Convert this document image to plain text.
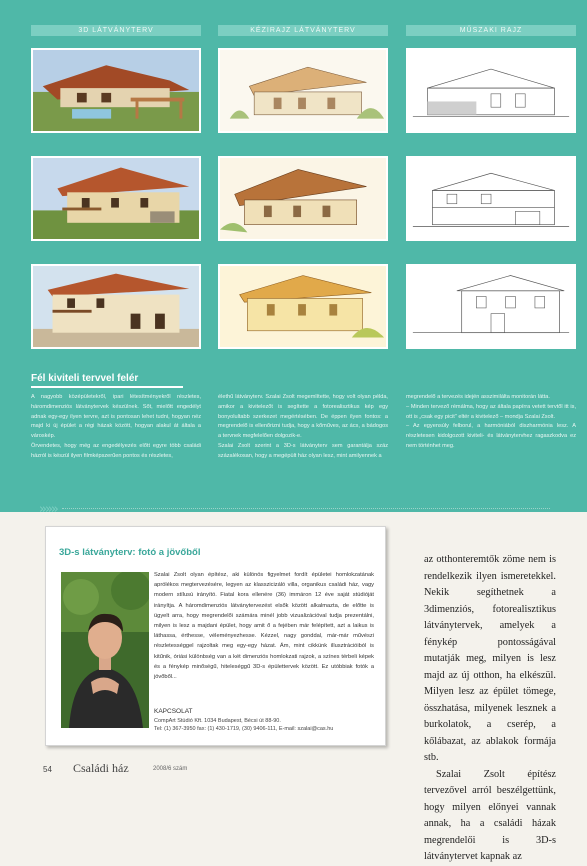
3D LÁTVÁNYTERV	KÉZIRAJZ LÁTVÁNYTERV	MŰSZAKI RAJZ
Fél kiviteli tervvel felér

A nagyobb középületekről, ipari létesítményekről részletes, háromdimenziós látványtervek készülnek. Sőt, mielőtt engedélyt adnak egy-egy ilyen tervre, azt is pontosan lehet tudni, hogyan néz majd ki új épület a régi házak között, hogyan alakul át általa a városkép.

Örvendetes, hogy még az engedélyezés előtt egyre több családi házról is készül ilyen filmképszerűen pontos és részletes,

élethű látványterv. Szalai Zsolt megemlítette, hogy volt olyan példa, amikor a kivitelezőt is segítette a fotorealisztikus kép egy bonyolultabb szerkezet megértésében. De éppen ilyen fontos: a megrendelő is ellenőrizni tudja, hogy a kőműves, az ács, a bádogos a tervnek megfelelően dolgozik-e.

Szalai Zsolt szerint a 3D-s látványterv sem garantálja száz százalékosan, hogy a megépült ház olyan lesz, mint amilyennek a

megrendelő a tervezés idején asszimilálta monitorán látta.

– Minden tervező rémálma, hogy az általa papírra vetett tervtől itt is, ott is „csak egy picit" eltér a kivitelező – mondja Szalai Zsolt.

– Az egyensúly felborul, a harmóniából diszharmónia lesz. A részletesen kidolgozott kiviteli- és látványtervhez ragaszkodva ez nem történhet meg.

»»»
3D-s látványterv: fotó a jövőből
Szalai Zsolt olyan építész, aki különös figyelmet fordít épületei homlokzatának aprólékos megtervezésére, legyen az klasszicizáló villa, organikus családi ház, vagy modern stílusú irányító. Fiatal kora ellenére (36) immáron 12 éve saját stúdióját irányítja. A háromdimenziós látványtervezést elsők között alkalmazta, de előtte is ügyelt arra, hogy megrendelői számára minél jobb vizualizációval tudja prezentálni, milyen is lesz a majdani épület, hogy amit ő a fejében már felépített, azt a laikus is láthassa, érthesse, véleményezhesse. Kézzel, nagy gonddal, már-már művészi részletességgel rajzoltak meg egy-egy házat. Ám, mint cikkünk illusztrációiból is kitűnik, óriási különbség van a két dimenziós homlokzati rajzok, a színes térbeli képek és a fénykép minőségű, hiteleséggű 3D-s épülettervek között. Ez utóbbiak fotók a jövőből...
KAPCSOLAT
CompArt Stúdió Kft. 1034 Budapest, Bécsi út 88-90.
Tel: (1) 367-3950 fax: (1) 430-1719, (30) 9406-111, E-mail: szalai@cas.hu

az otthonteremtők zöme nem is rendelkezik ilyen ismeretekkel. Nekik segíthetnek a 3dimenziós, fotorealisztikus látványtervek, amelyek a fénykép pontosságával mutatják meg, milyen is lesz majd az új otthon, ha elkészül. Milyen lesz az épület tömege, összhatása, milyenek lesznek a burkolatok, a cserép, a kőlábazat, az ablakok formája stb.

Szalai Zsolt építész tervezővel arról beszélgettünk, hogy milyen előnyei vannak annak, ha a családi házak megrendelői is 3D-s látványtervet kapnak az

54 Családi ház	2008/6 szám
